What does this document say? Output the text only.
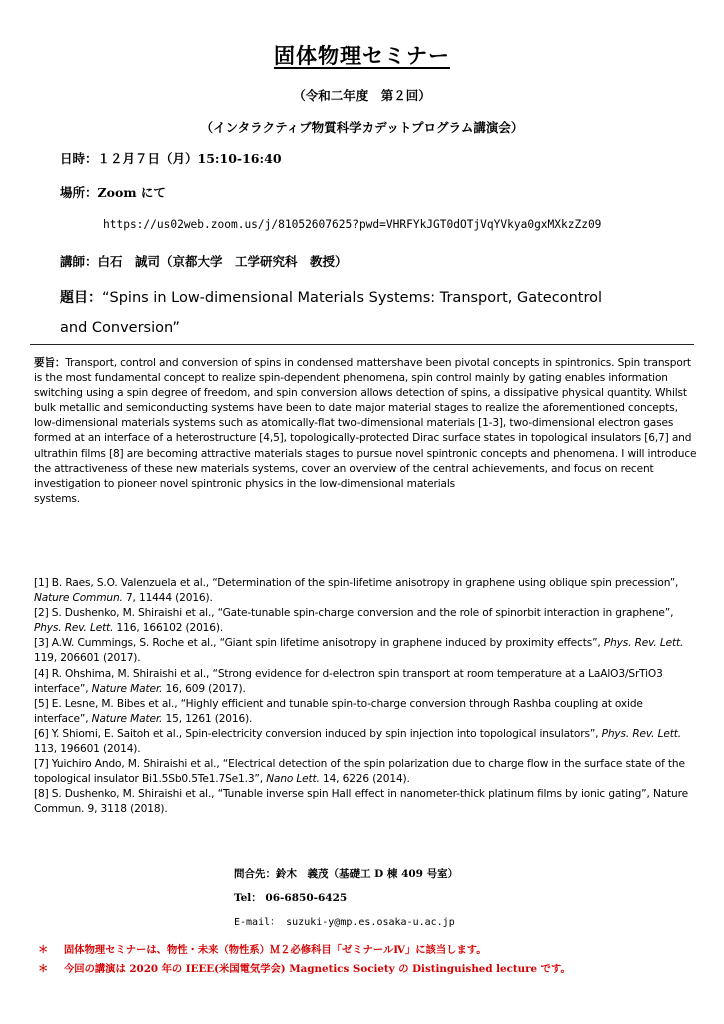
固体物理セミナー
（令和二年度　第２回）
（インタラクティブ物質科学カデットプログラム講演会）
日時：１２月７日（月）15:10-16:40
場所：Zoom にて
https://us02web.zoom.us/j/81052607625?pwd=VHRFYkJGT0dOTjVqYVkya0gxMXkzZz09
講師：白石　誠司（京都大学　工学研究科　教授）
題目：“Spins in Low-dimensional Materials Systems: Transport, Gatecontrol
and Conversion”
要旨：Transport, control and conversion of spins in condensed mattershave been pivotal concepts in spintronics. Spin transport is the most fundamental concept to realize spin-dependent phenomena, spin control mainly by gating enables information switching using a spin degree of freedom, and spin conversion allows detection of spins, a dissipative physical quantity. Whilst bulk metallic and semiconducting systems have been to date major material stages to realize the aforementioned concepts, low-dimensional materials systems such as atomically-flat two-dimensional materials [1-3], two-dimensional electron gases formed at an interface of a heterostructure [4,5], topologically-protected Dirac surface states in topological insulators [6,7] and ultrathin films [8] are becoming attractive materials stages to pursue novel spintronic concepts and phenomena. I will introduce the attractiveness of these new materials systems, cover an overview of the central achievements, and focus on recent investigation to pioneer novel spintronic physics in the low-dimensional materials
systems.
[1] B. Raes, S.O. Valenzuela et al., “Determination of the spin-lifetime anisotropy in graphene using oblique spin precession”, Nature Commun. 7, 11444 (2016).
[2] S. Dushenko, M. Shiraishi et al., “Gate-tunable spin-charge conversion and the role of spinorbit interaction in graphene”, Phys. Rev. Lett. 116, 166102 (2016).
[3] A.W. Cummings, S. Roche et al., “Giant spin lifetime anisotropy in graphene induced by proximity effects”, Phys. Rev. Lett. 119, 206601 (2017).
[4] R. Ohshima, M. Shiraishi et al., “Strong evidence for d-electron spin transport at room temperature at a LaAlO3/SrTiO3 interface”, Nature Mater. 16, 609 (2017).
[5] E. Lesne, M. Bibes et al., “Highly efficient and tunable spin-to-charge conversion through Rashba coupling at oxide interface”, Nature Mater. 15, 1261 (2016).
[6] Y. Shiomi, E. Saitoh et al., Spin-electricity conversion induced by spin injection into topological insulators”, Phys. Rev. Lett. 113, 196601 (2014).
[7] Yuichiro Ando, M. Shiraishi et al., “Electrical detection of the spin polarization due to charge flow in the surface state of the topological insulator Bi1.5Sb0.5Te1.7Se1.3”, Nano Lett. 14, 6226 (2014).
[8] S. Dushenko, M. Shiraishi et al., “Tunable inverse spin Hall effect in nanometer-thick platinum films by ionic gating”, Nature Commun. 9, 3118 (2018).
問合先：鈴木　義茂（基礎工 D 棟 409 号室）
Tel： 06-6850-6425
E-mail： suzuki-y@mp.es.osaka-u.ac.jp
＊ 固体物理セミナーは、物性・未来（物性系）Ｍ２必修科目「ゼミナールⅣ」に該当します。
＊ 今回の講演は 2020 年の IEEE(米国電気学会) Magnetics Society の Distinguished lecture です。
